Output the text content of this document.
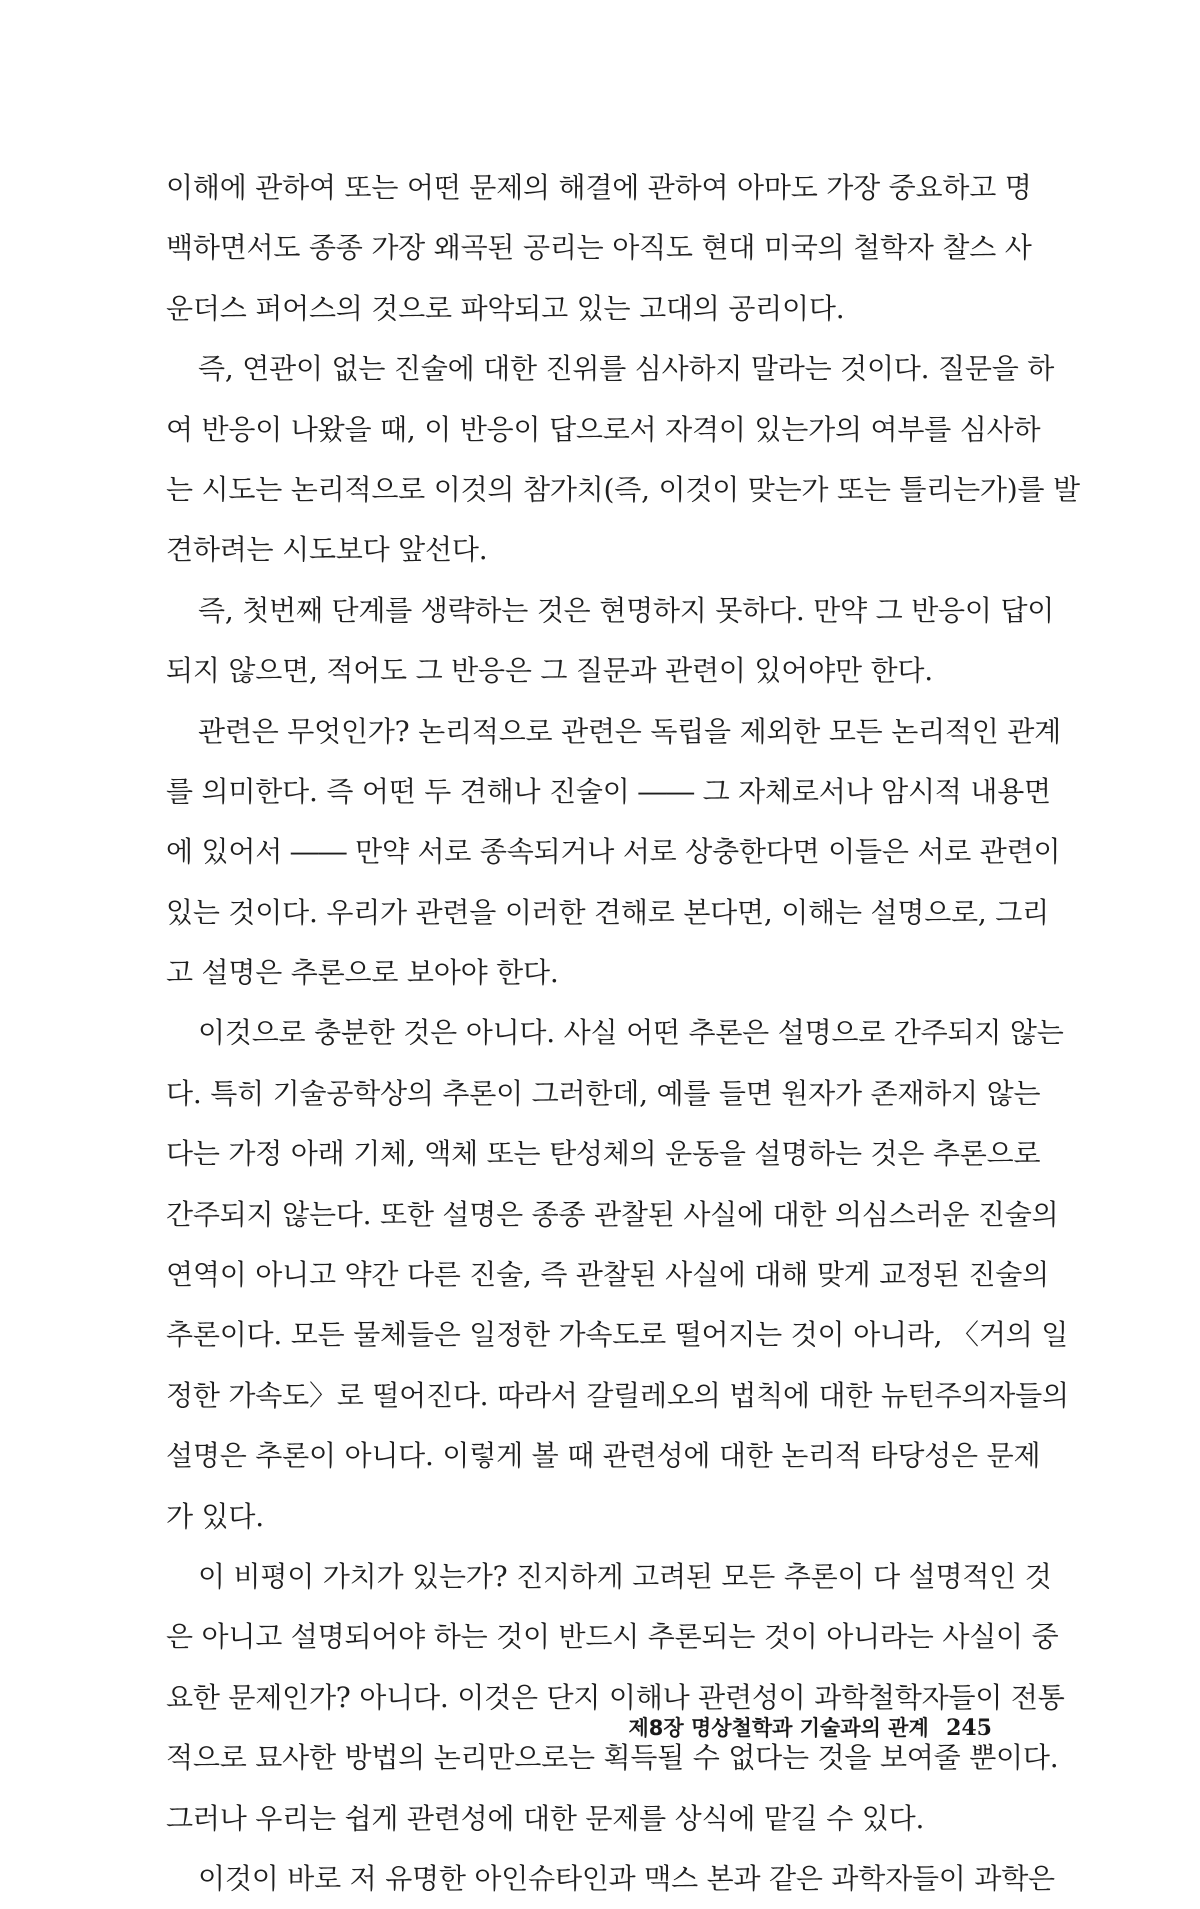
이해에 관하여 또는 어떤 문제의 해결에 관하여 아마도 가장 중요하고 명
백하면서도 종종 가장 왜곡된 공리는 아직도 현대 미국의 철학자 찰스 사
운더스 퍼어스의 것으로 파악되고 있는 고대의 공리이다.
즉, 연관이 없는 진술에 대한 진위를 심사하지 말라는 것이다. 질문을 하
여 반응이 나왔을 때, 이 반응이 답으로서 자격이 있는가의 여부를 심사하
는 시도는 논리적으로 이것의 참가치(즉, 이것이 맞는가 또는 틀리는가)를 발
견하려는 시도보다 앞선다.
즉, 첫번째 단계를 생략하는 것은 현명하지 못하다. 만약 그 반응이 답이
되지 않으면, 적어도 그 반응은 그 질문과 관련이 있어야만 한다.
관련은 무엇인가? 논리적으로 관련은 독립을 제외한 모든 논리적인 관계
를 의미한다. 즉 어떤 두 견해나 진술이 ―― 그 자체로서나 암시적 내용면
에 있어서 ―― 만약 서로 종속되거나 서로 상충한다면 이들은 서로 관련이
있는 것이다. 우리가 관련을 이러한 견해로 본다면, 이해는 설명으로, 그리
고 설명은 추론으로 보아야 한다.
이것으로 충분한 것은 아니다. 사실 어떤 추론은 설명으로 간주되지 않는
다. 특히 기술공학상의 추론이 그러한데, 예를 들면 원자가 존재하지 않는
다는 가정 아래 기체, 액체 또는 탄성체의 운동을 설명하는 것은 추론으로
간주되지 않는다. 또한 설명은 종종 관찰된 사실에 대한 의심스러운 진술의
연역이 아니고 약간 다른 진술, 즉 관찰된 사실에 대해 맞게 교정된 진술의
추론이다. 모든 물체들은 일정한 가속도로 떨어지는 것이 아니라, 〈거의 일
정한 가속도〉로 떨어진다. 따라서 갈릴레오의 법칙에 대한 뉴턴주의자들의
설명은 추론이 아니다. 이렇게 볼 때 관련성에 대한 논리적 타당성은 문제
가 있다.
이 비평이 가치가 있는가? 진지하게 고려된 모든 추론이 다 설명적인 것
은 아니고 설명되어야 하는 것이 반드시 추론되는 것이 아니라는 사실이 중
요한 문제인가? 아니다. 이것은 단지 이해나 관련성이 과학철학자들이 전통
적으로 묘사한 방법의 논리만으로는 획득될 수 없다는 것을 보여줄 뿐이다.
그러나 우리는 쉽게 관련성에 대한 문제를 상식에 맡길 수 있다.
이것이 바로 저 유명한 아인슈타인과 맥스 본과 같은 과학자들이 과학은
제8장 명상철학과 기술과의 관계 245
